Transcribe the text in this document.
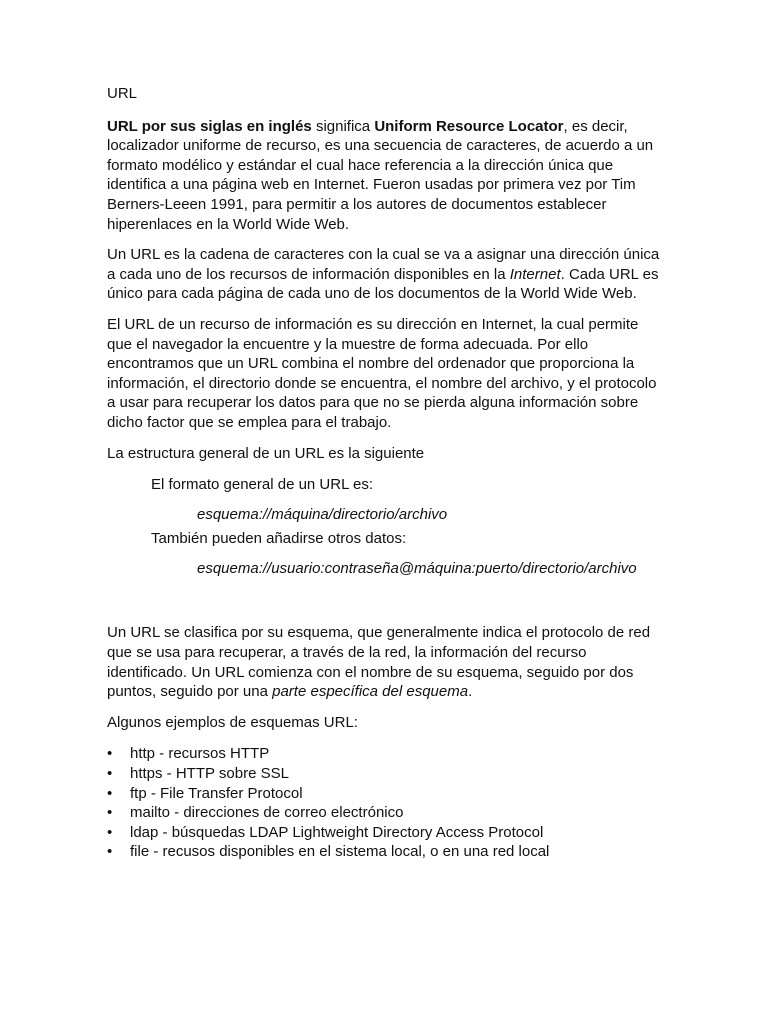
URL

URL por sus siglas en inglés significa Uniform Resource Locator, es decir, localizador uniforme de recurso, es una secuencia de caracteres, de acuerdo a un formato modélico y estándar el cual hace referencia a la dirección única que identifica a una página web en Internet. Fueron usadas por primera vez por Tim Berners-Leeen 1991, para permitir a los autores de documentos establecer hiperenlaces en la World Wide Web.

Un URL es la cadena de caracteres con la cual se va a asignar una dirección única a cada uno de los recursos de información disponibles en la Internet. Cada URL es único para cada página de cada uno de los documentos de la World Wide Web.

El URL de un recurso de información es su dirección en Internet, la cual permite que el navegador la encuentre y la muestre de forma adecuada. Por ello encontramos que un URL combina el nombre del ordenador que proporciona la información, el directorio donde se encuentra, el nombre del archivo, y el protocolo a usar para recuperar los datos para que no se pierda alguna información sobre dicho factor que se emplea para el trabajo.

La estructura general de un URL es la siguiente

El formato general de un URL es:

esquema://máquina/directorio/archivo

También pueden añadirse otros datos:

esquema://usuario:contraseña@máquina:puerto/directorio/archivo

Un URL se clasifica por su esquema, que generalmente indica el protocolo de red que se usa para recuperar, a través de la red, la información del recurso identificado. Un URL comienza con el nombre de su esquema, seguido por dos puntos, seguido por una parte específica del esquema.

Algunos ejemplos de esquemas URL:

• http - recursos HTTP
• https - HTTP sobre SSL
• ftp - File Transfer Protocol
• mailto - direcciones de correo electrónico
• ldap - búsquedas LDAP Lightweight Directory Access Protocol
• file - recusos disponibles en el sistema local, o en una red local
